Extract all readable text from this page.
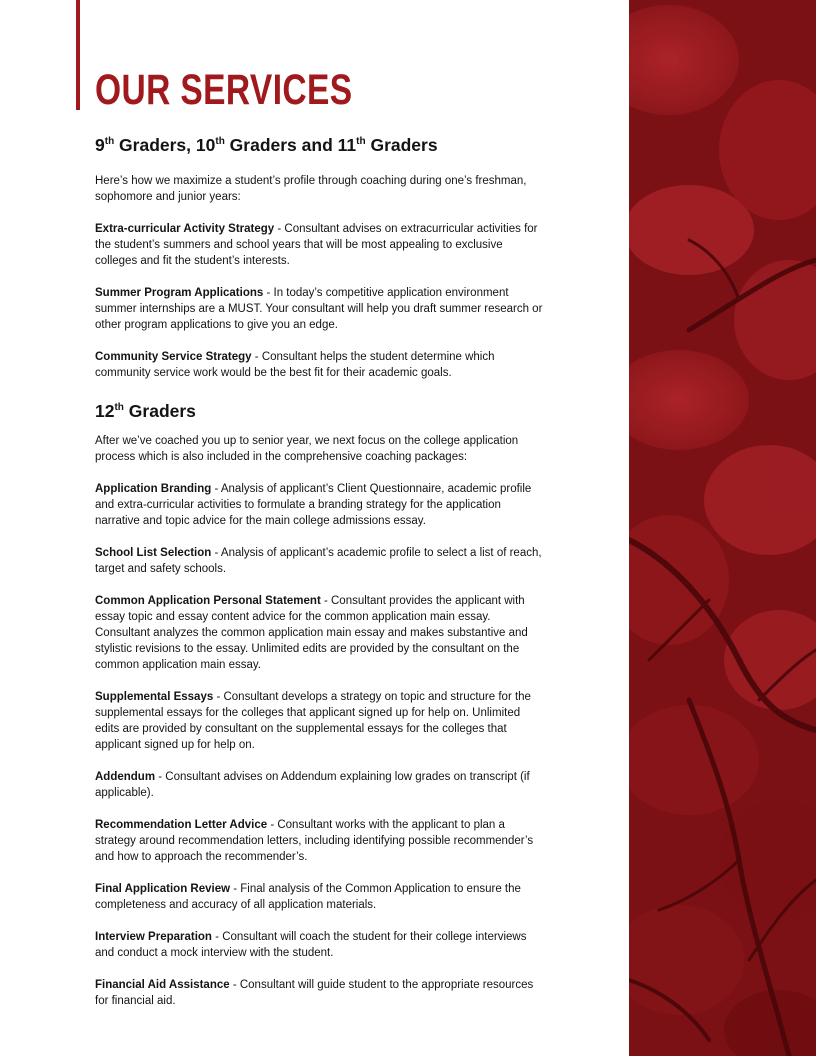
OUR SERVICES
9th Graders, 10th Graders and 11th Graders

Here’s how we maximize a student’s profile through coaching during one’s freshman, sophomore and junior years:

Extra-curricular Activity Strategy - Consultant advises on extracurricular activities for the student’s summers and school years that will be most appealing to exclusive colleges and fit the student’s interests.

Summer Program Applications - In today’s competitive application environment summer internships are a MUST. Your consultant will help you draft summer research or other program applications to give you an edge.

Community Service Strategy - Consultant helps the student determine which community service work would be the best fit for their academic goals.

12th Graders

After we’ve coached you up to senior year, we next focus on the college application process which is also included in the comprehensive coaching packages:

Application Branding - Analysis of applicant’s Client Questionnaire, academic profile and extra-curricular activities to formulate a branding strategy for the application narrative and topic advice for the main college admissions essay.

School List Selection - Analysis of applicant’s academic profile to select a list of reach, target and safety schools.

Common Application Personal Statement - Consultant provides the applicant with essay topic and essay content advice for the common application main essay. Consultant analyzes the common application main essay and makes substantive and stylistic revisions to the essay. Unlimited edits are provided by the consultant on the common application main essay.

Supplemental Essays - Consultant develops a strategy on topic and structure for the supplemental essays for the colleges that applicant signed up for help on. Unlimited edits are provided by consultant on the supplemental essays for the colleges that applicant signed up for help on.

Addendum - Consultant advises on Addendum explaining low grades on transcript (if applicable).

Recommendation Letter Advice - Consultant works with the applicant to plan a strategy around recommendation letters, including identifying possible recommender’s and how to approach the recommender’s.

Final Application Review - Final analysis of the Common Application to ensure the completeness and accuracy of all application materials.

Interview Preparation - Consultant will coach the student for their college interviews and conduct a mock interview with the student.

Financial Aid Assistance - Consultant will guide student to the appropriate resources for financial aid.
